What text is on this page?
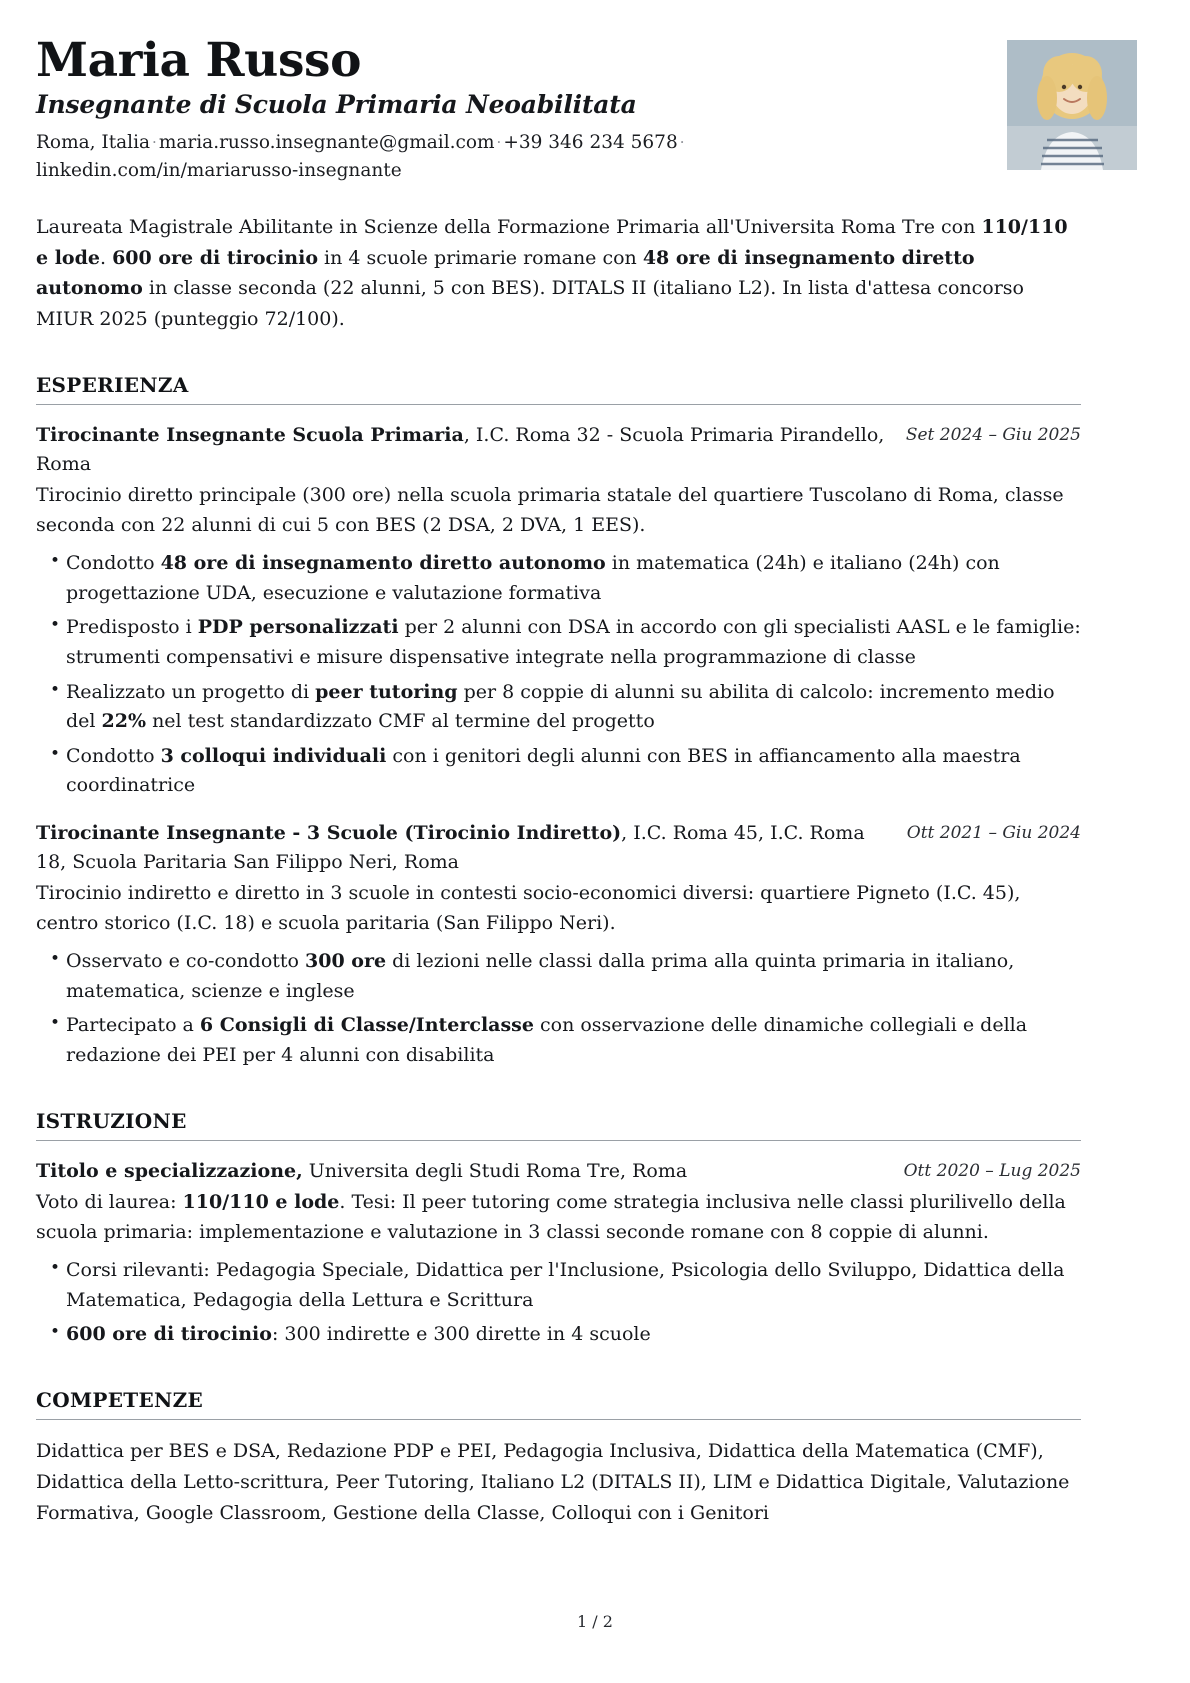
Maria Russo
Insegnante di Scuola Primaria Neoabilitata
Roma, Italia · maria.russo.insegnante@gmail.com · +39 346 234 5678 · linkedin.com/in/mariarusso-insegnante
Laureata Magistrale Abilitante in Scienze della Formazione Primaria all'Universita Roma Tre con 110/110 e lode. 600 ore di tirocinio in 4 scuole primarie romane con 48 ore di insegnamento diretto autonomo in classe seconda (22 alunni, 5 con BES). DITALS II (italiano L2). In lista d'attesa concorso MIUR 2025 (punteggio 72/100).
ESPERIENZA
Tirocinante Insegnante Scuola Primaria, I.C. Roma 32 - Scuola Primaria Pirandello, Roma
Set 2024 – Giu 2025
Tirocinio diretto principale (300 ore) nella scuola primaria statale del quartiere Tuscolano di Roma, classe seconda con 22 alunni di cui 5 con BES (2 DSA, 2 DVA, 1 EES).
• Condotto 48 ore di insegnamento diretto autonomo in matematica (24h) e italiano (24h) con progettazione UDA, esecuzione e valutazione formativa
• Predisposto i PDP personalizzati per 2 alunni con DSA in accordo con gli specialisti AASL e le famiglie: strumenti compensativi e misure dispensative integrate nella programmazione di classe
• Realizzato un progetto di peer tutoring per 8 coppie di alunni su abilita di calcolo: incremento medio del 22% nel test standardizzato CMF al termine del progetto
• Condotto 3 colloqui individuali con i genitori degli alunni con BES in affiancamento alla maestra coordinatrice
Tirocinante Insegnante - 3 Scuole (Tirocinio Indiretto), I.C. Roma 45, I.C. Roma 18, Scuola Paritaria San Filippo Neri, Roma
Ott 2021 – Giu 2024
Tirocinio indiretto e diretto in 3 scuole in contesti socio-economici diversi: quartiere Pigneto (I.C. 45), centro storico (I.C. 18) e scuola paritaria (San Filippo Neri).
• Osservato e co-condotto 300 ore di lezioni nelle classi dalla prima alla quinta primaria in italiano, matematica, scienze e inglese
• Partecipato a 6 Consigli di Classe/Interclasse con osservazione delle dinamiche collegiali e della redazione dei PEI per 4 alunni con disabilita
ISTRUZIONE
Titolo e specializzazione, Universita degli Studi Roma Tre, Roma	Ott 2020 – Lug 2025
Voto di laurea: 110/110 e lode. Tesi: Il peer tutoring come strategia inclusiva nelle classi plurilivello della scuola primaria: implementazione e valutazione in 3 classi seconde romane con 8 coppie di alunni.
• Corsi rilevanti: Pedagogia Speciale, Didattica per l'Inclusione, Psicologia dello Sviluppo, Didattica della Matematica, Pedagogia della Lettura e Scrittura
• 600 ore di tirocinio: 300 indirette e 300 dirette in 4 scuole
COMPETENZE
Didattica per BES e DSA, Redazione PDP e PEI, Pedagogia Inclusiva, Didattica della Matematica (CMF), Didattica della Letto-scrittura, Peer Tutoring, Italiano L2 (DITALS II), LIM e Didattica Digitale, Valutazione Formativa, Google Classroom, Gestione della Classe, Colloqui con i Genitori
1 / 2
